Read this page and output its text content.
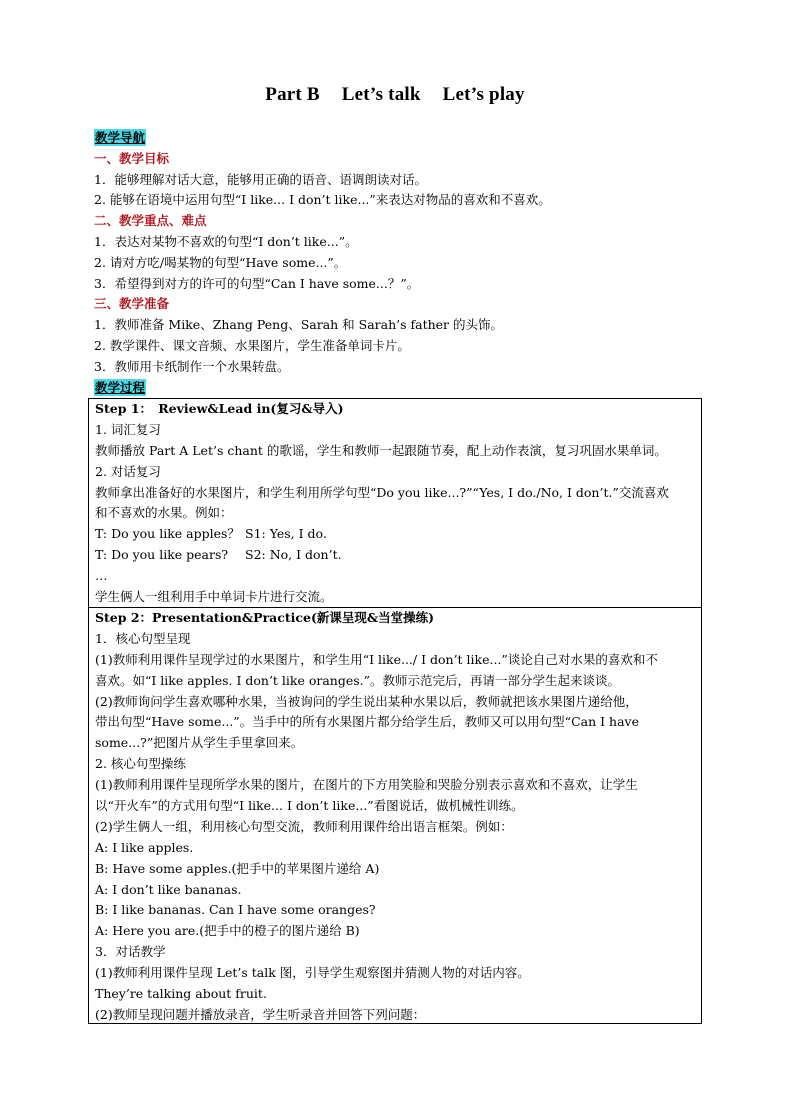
Part B Let’s talk Let’s play
教学导航
一、教学目标
1．能够理解对话大意，能够用正确的语音、语调朗读对话。
2. 能够在语境中运用句型“I like... I don’t like...”来表达对物品的喜欢和不喜欢。
二、教学重点、难点
1．表达对某物不喜欢的句型“I don’t like...”。
2. 请对方吃/喝某物的句型“Have some...”。
3．希望得到对方的许可的句型“Can I have some...？”。
三、教学准备
1．教师准备 Mike、Zhang Peng、Sarah 和 Sarah’s father 的头饰。
2. 教学课件、课文音频、水果图片，学生准备单词卡片。
3．教师用卡纸制作一个水果转盘。
教学过程
Step 1：　Review&Lead in(复习&导入)
1. 词汇复习
教师播放 Part A Let’s chant 的歌谣，学生和教师一起跟随节奏，配上动作表演，复习巩固水果单词。
2. 对话复习
教师拿出准备好的水果图片，和学生利用所学句型“Do you like...?”“Yes, I do./No, I don’t.”交流喜欢
和不喜欢的水果。例如：
T: Do you like apples？ S1: Yes, I do.
T: Do you like pears? S2: No, I don’t.
…
学生俩人一组利用手中单词卡片进行交流。
Step 2：Presentation&Practice(新课呈现&当堂操练)
1．核心句型呈现
(1)教师利用课件呈现学过的水果图片，和学生用“I like.../ I don’t like...”谈论自己对水果的喜欢和不
喜欢。如“I like apples. I don’t like oranges.”。教师示范完后，再请一部分学生起来谈谈。
(2)教师询问学生喜欢哪种水果，当被询问的学生说出某种水果以后，教师就把该水果图片递给他，
带出句型“Have some...”。当手中的所有水果图片都分给学生后，教师又可以用句型“Can I have
some...?”把图片从学生手里拿回来。
2. 核心句型操练
(1)教师利用课件呈现所学水果的图片，在图片的下方用笑脸和哭脸分别表示喜欢和不喜欢，让学生
以“开火车”的方式用句型“I like... I don’t like...”看图说话，做机械性训练。
(2)学生俩人一组，利用核心句型交流，教师利用课件给出语言框架。例如：
A: I like apples.
B: Have some apples.(把手中的苹果图片递给 A)
A: I don’t like bananas.
B: I like bananas. Can I have some oranges?
A: Here you are.(把手中的橙子的图片递给 B)
3．对话教学
(1)教师利用课件呈现 Let’s talk 图，引导学生观察图并猜测人物的对话内容。
They’re talking about fruit.
(2)教师呈现问题并播放录音，学生听录音并回答下列问题：
